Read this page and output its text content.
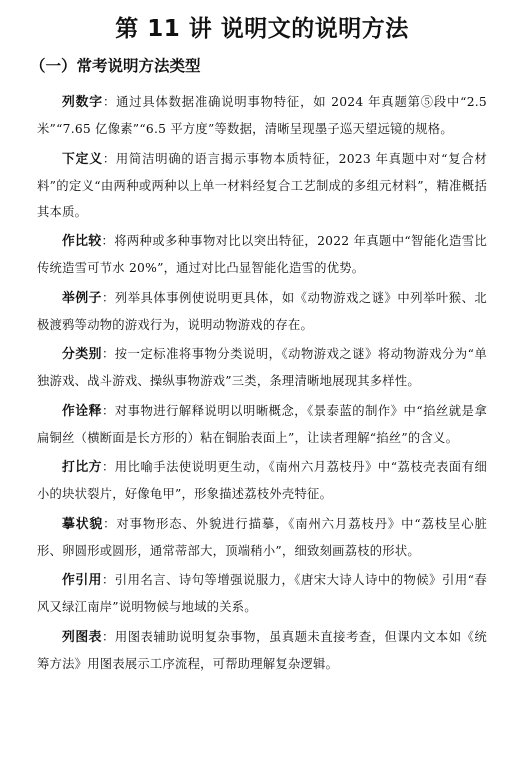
第 11 讲 说明文的说明方法
（一）常考说明方法类型

列数字：通过具体数据准确说明事物特征，如 2024 年真题第⑤段中“2.5米”“7.65 亿像素”“6.5 平方度”等数据，清晰呈现墨子巡天望远镜的规格。

下定义：用简洁明确的语言揭示事物本质特征，2023 年真题中对“复合材料”的定义“由两种或两种以上单一材料经复合工艺制成的多组元材料”，精准概括其本质。

作比较：将两种或多种事物对比以突出特征，2022 年真题中“智能化造雪比传统造雪可节水 20%”，通过对比凸显智能化造雪的优势。

举例子：列举具体事例使说明更具体，如《动物游戏之谜》中列举叶猴、北极渡鸦等动物的游戏行为，说明动物游戏的存在。

分类别：按一定标准将事物分类说明，《动物游戏之谜》将动物游戏分为“单独游戏、战斗游戏、操纵事物游戏”三类，条理清晰地展现其多样性。

作诠释：对事物进行解释说明以明晰概念，《景泰蓝的制作》中“掐丝就是拿扁铜丝（横断面是长方形的）粘在铜胎表面上”，让读者理解“掐丝”的含义。

打比方：用比喻手法使说明更生动，《南州六月荔枝丹》中“荔枝壳表面有细小的块状裂片，好像龟甲”，形象描述荔枝外壳特征。

摹状貌：对事物形态、外貌进行描摹，《南州六月荔枝丹》中“荔枝呈心脏形、卵圆形或圆形，通常蒂部大，顶端稍小”，细致刻画荔枝的形状。

作引用：引用名言、诗句等增强说服力，《唐宋大诗人诗中的物候》引用“春风又绿江南岸”说明物候与地域的关系。

列图表：用图表辅助说明复杂事物，虽真题未直接考查，但课内文本如《统筹方法》用图表展示工序流程，可帮助理解复杂逻辑。
